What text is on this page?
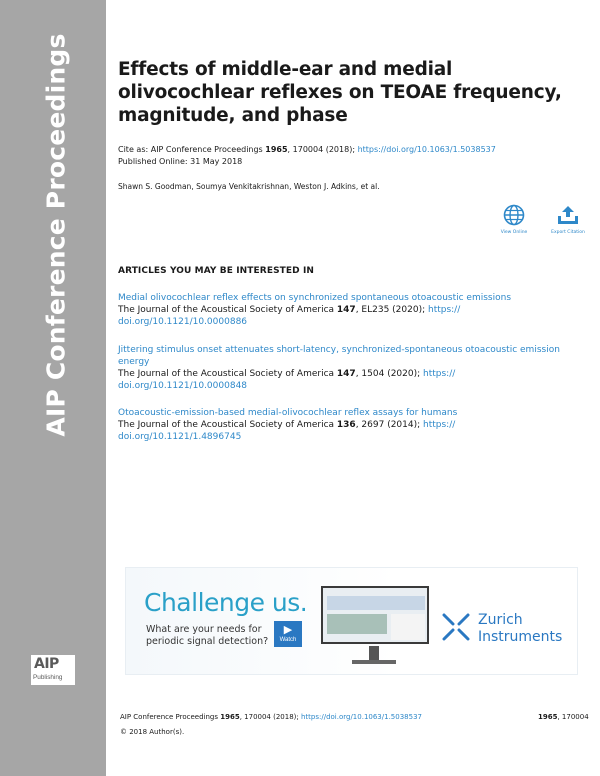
AIP Conference Proceedings
AIP
Publishing
Effects of middle-ear and medial olivocochlear reflexes on TEOAE frequency, magnitude, and phase
Cite as: AIP Conference Proceedings 1965, 170004 (2018); https://doi.org/10.1063/1.5038537
Published Online: 31 May 2018
Shawn S. Goodman, Soumya Venkitakrishnan, Weston J. Adkins, et al.
View Online	Export Citation
ARTICLES YOU MAY BE INTERESTED IN
Medial olivocochlear reflex effects on synchronized spontaneous otoacoustic emissions
The Journal of the Acoustical Society of America 147, EL235 (2020); https://
doi.org/10.1121/10.0000886
Jittering stimulus onset attenuates short-latency, synchronized-spontaneous otoacoustic emission energy
The Journal of the Acoustical Society of America 147, 1504 (2020); https://
doi.org/10.1121/10.0000848
Otoacoustic-emission-based medial-olivocochlear reflex assays for humans
The Journal of the Acoustical Society of America 136, 2697 (2014); https://
doi.org/10.1121/1.4896745
Challenge us.
What are your needs for periodic signal detection?
▶
Watch
Zurich
Instruments
AIP Conference Proceedings 1965, 170004 (2018); https://doi.org/10.1063/1.5038537	1965, 170004
© 2018 Author(s).
